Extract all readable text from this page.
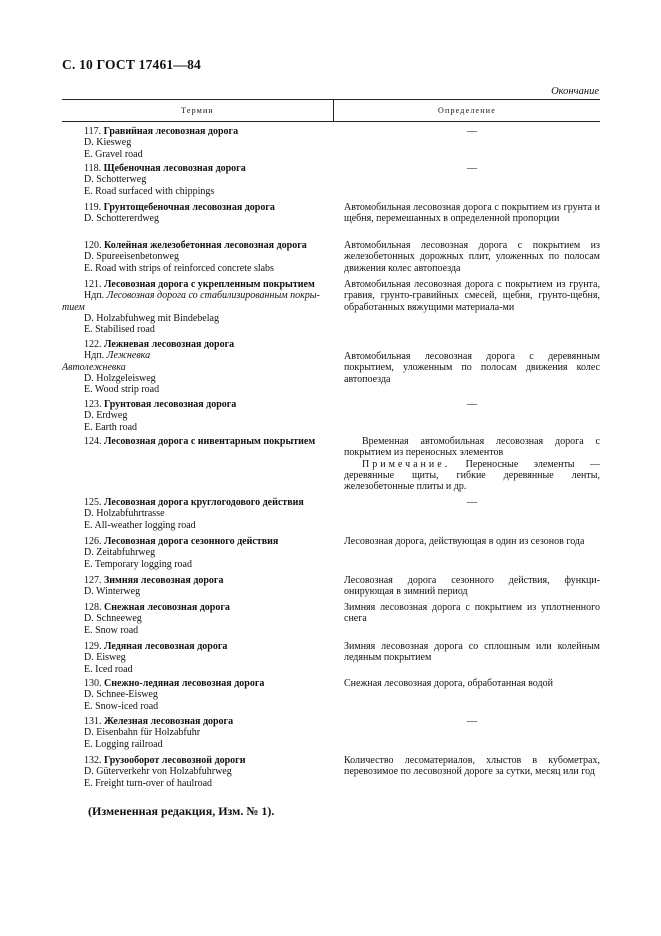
С. 10 ГОСТ 17461—84
Окончание
Термин	Определение
117. Гравийная лесовозная дорога
D. Kiesweg
E. Gravel road
—
118. Щебеночная лесовозная дорога
D. Schotterweg
E. Road surfaced with chippings
—
119. Грунтощебеночная лесовозная дорога
D. Schottererdweg
Автомобильная лесовозная дорога с покрытием из грунта и щебня, перемешанных в определенной пропорции
120. Колейная железобетонная лесовозная дорога
D. Spureeisenbetonweg
E. Road with strips of reinforced concrete slabs
Автомобильная лесовозная дорога с покрытием из железобетонных дорожных плит, уложенных по полосам движения колес автопоезда
121. Лесовозная дорога с укрепленным покрытием
Ндп. Лесовозная дорога со стабилизированным покры-
тием
D. Holzabfuhweg mit Bindebelag
E. Stabilised road
Автомобильная лесовозная дорога с покрытием из грунта, гравия, грунто-гравийных смесей, щебня, грунто-щебня, обработанных вяжущими материала-ми
122. Лежневая лесовозная дорога
Ндп. Лежневка
Автолежневка
D. Holzgeleisweg
E. Wood strip road
Автомобильная лесовозная дорога с деревянным покрытием, уложенным по полосам движения колес автопоезда
123. Грунтовая лесовозная дорога
D. Erdweg
E. Earth road
—
124. Лесовозная дорога с инвентарным покрытием	Временная автомобильная лесовозная дорога с покрытием из переносных элементов
Примечание. Переносные элементы — деревянные щиты, гибкие деревянные ленты, железобетонные плиты и др.
125. Лесовозная дорога круглогодового действия
D. Holzabfuhrtrasse
E. All-weather logging road
—
126. Лесовозная дорога сезонного действия
D. Zeitabfuhrweg
E. Temporary logging road
Лесовозная дорога, действующая в один из сезонов года
127. Зимняя лесовозная дорога
D. Winterweg
Лесовозная дорога сезонного действия, функци-онирующая в зимний период
128. Снежная лесовозная дорога
D. Schneeweg
E. Snow road
Зимняя лесовозная дорога с покрытием из уплотненного снега
129. Ледяная лесовозная дорога
D. Eisweg
E. Iced road
Зимняя лесовозная дорога со сплошным или колейным ледяным покрытием
130. Снежно-ледяная лесовозная дорога
D. Schnee-Eisweg
E. Snow-iced road
Снежная лесовозная дорога, обработанная водой
131. Железная лесовозная дорога
D. Eisenbahn für Holzabfuhr
E. Logging railroad
—
132. Грузооборот лесовозной дороги
D. Güterverkehr von Holzabfuhrweg
E. Freight turn-over of haulroad
Количество лесоматериалов, хлыстов в кубометрах, перевозимое по лесовозной дороге за сутки, месяц или год
(Измененная редакция, Изм. № 1).
